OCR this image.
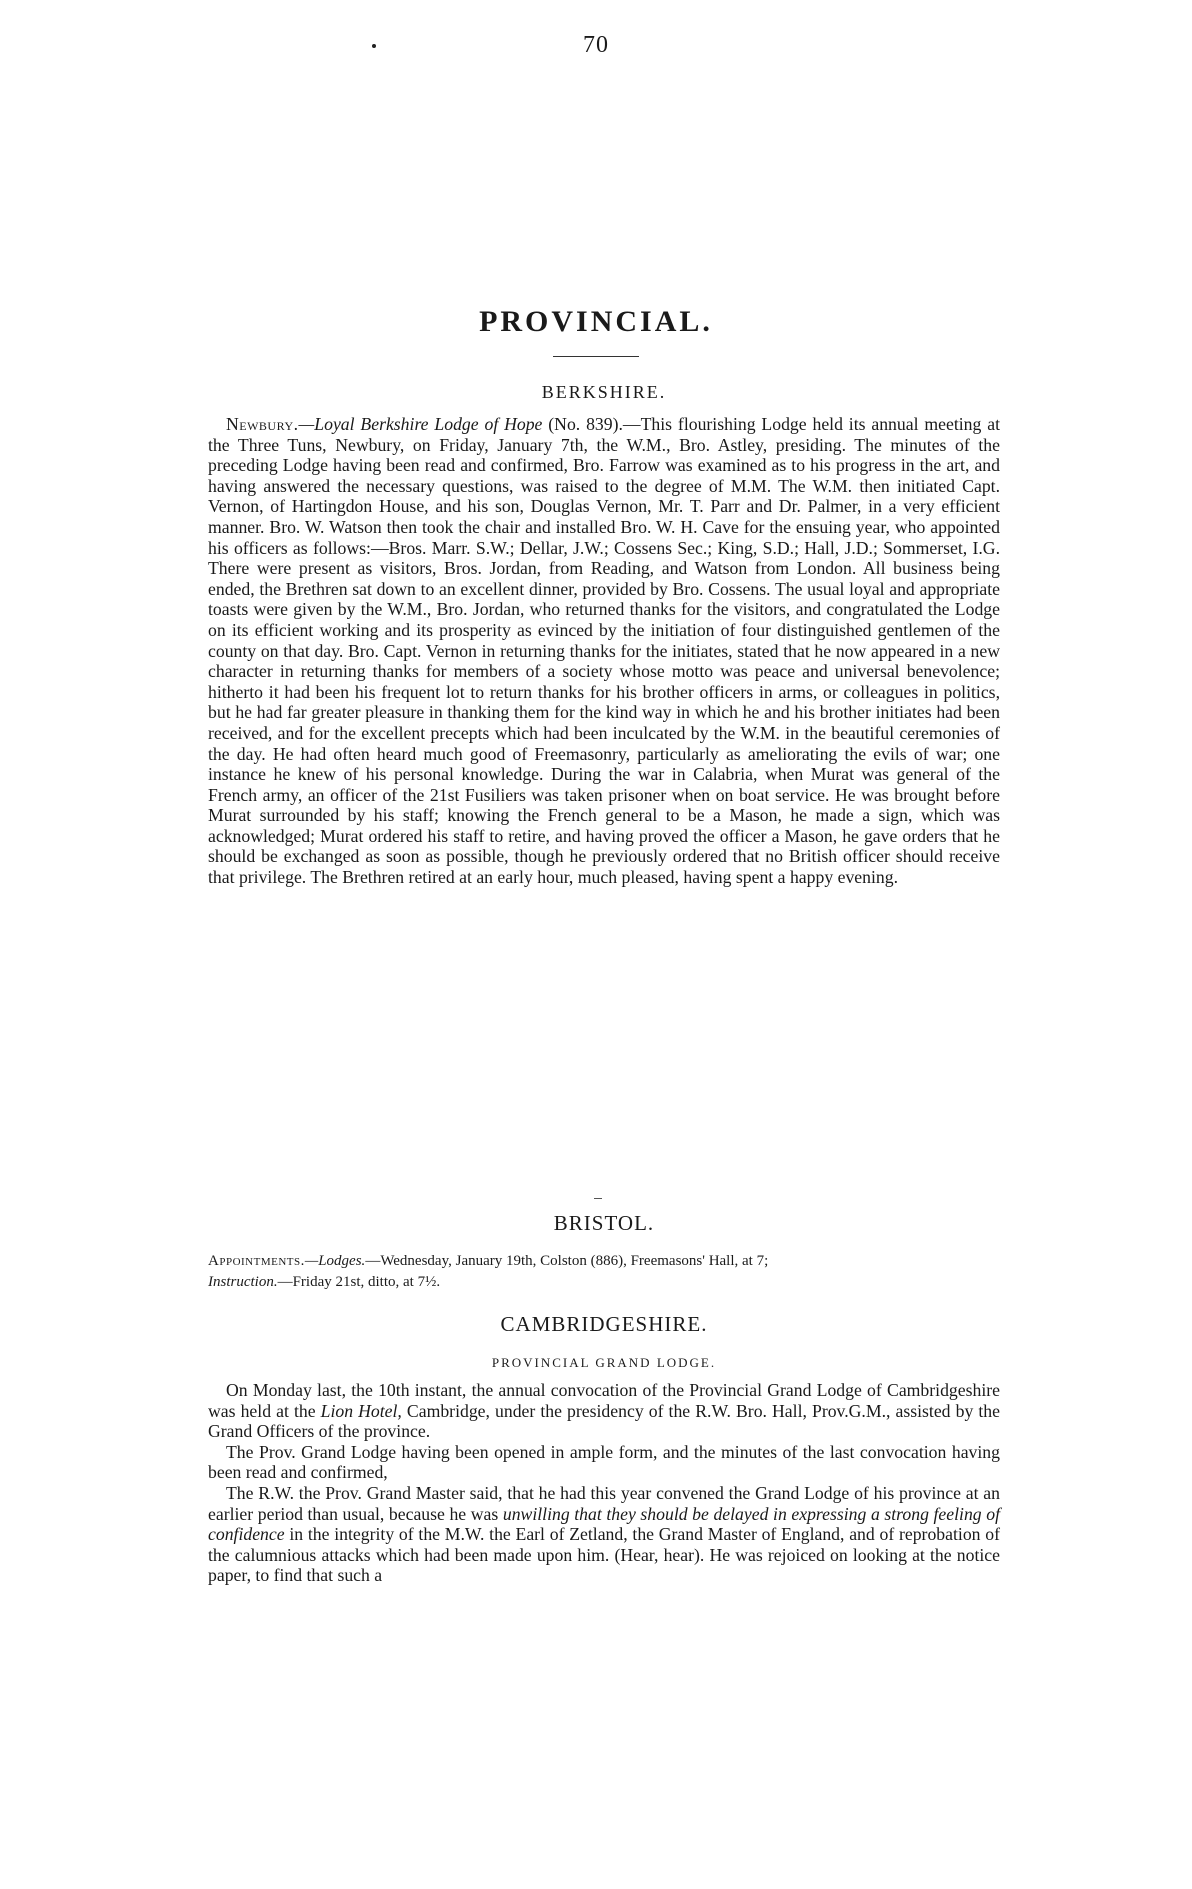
70
PROVINCIAL.
BERKSHIRE.

Newbury.—Loyal Berkshire Lodge of Hope (No. 839).—This flourishing Lodge held its annual meeting at the Three Tuns, Newbury, on Friday, January 7th, the W.M., Bro. Astley, presiding. The minutes of the preceding Lodge having been read and confirmed, Bro. Farrow was examined as to his progress in the art, and having answered the necessary questions, was raised to the degree of M.M. The W.M. then initiated Capt. Vernon, of Hartingdon House, and his son, Douglas Vernon, Mr. T. Parr and Dr. Palmer, in a very efficient manner. Bro. W. Watson then took the chair and installed Bro. W. H. Cave for the ensuing year, who appointed his officers as follows:—Bros. Marr. S.W.; Dellar, J.W.; Cossens Sec.; King, S.D.; Hall, J.D.; Sommerset, I.G. There were present as visitors, Bros. Jordan, from Reading, and Watson from London. All business being ended, the Brethren sat down to an excellent dinner, provided by Bro. Cossens. The usual loyal and appropriate toasts were given by the W.M., Bro. Jordan, who returned thanks for the visitors, and congratulated the Lodge on its efficient working and its prosperity as evinced by the initiation of four distinguished gentlemen of the county on that day. Bro. Capt. Vernon in returning thanks for the initiates, stated that he now appeared in a new character in returning thanks for members of a society whose motto was peace and universal benevolence; hitherto it had been his frequent lot to return thanks for his brother officers in arms, or colleagues in politics, but he had far greater pleasure in thanking them for the kind way in which he and his brother initiates had been received, and for the excellent precepts which had been inculcated by the W.M. in the beautiful ceremonies of the day. He had often heard much good of Freemasonry, particularly as ameliorating the evils of war; one instance he knew of his personal knowledge. During the war in Calabria, when Murat was general of the French army, an officer of the 21st Fusiliers was taken prisoner when on boat service. He was brought before Murat surrounded by his staff; knowing the French general to be a Mason, he made a sign, which was acknowledged; Murat ordered his staff to retire, and having proved the officer a Mason, he gave orders that he should be exchanged as soon as possible, though he previously ordered that no British officer should receive that privilege. The Brethren retired at an early hour, much pleased, having spent a happy evening.

BRISTOL.

Appointments.—Lodges.—Wednesday, January 19th, Colston (886), Freemasons' Hall, at 7;
Instruction.—Friday 21st, ditto, at 7½.

CAMBRIDGESHIRE.
PROVINCIAL GRAND LODGE.

On Monday last, the 10th instant, the annual convocation of the Provincial Grand Lodge of Cambridgeshire was held at the Lion Hotel, Cambridge, under the presidency of the R.W. Bro. Hall, Prov.G.M., assisted by the Grand Officers of the province.

The Prov. Grand Lodge having been opened in ample form, and the minutes of the last convocation having been read and confirmed,

The R.W. the Prov. Grand Master said, that he had this year convened the Grand Lodge of his province at an earlier period than usual, because he was unwilling that they should be delayed in expressing a strong feeling of confidence in the integrity of the M.W. the Earl of Zetland, the Grand Master of England, and of reprobation of the calumnious attacks which had been made upon him. (Hear, hear). He was rejoiced on looking at the notice paper, to find that such a
